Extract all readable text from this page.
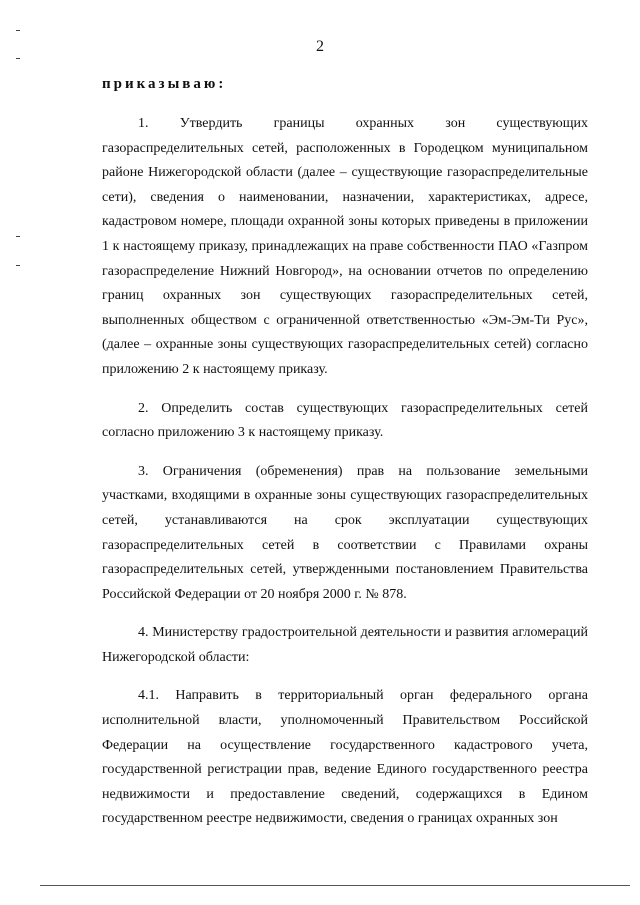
2
приказываю:

1. Утвердить границы охранных зон существующих газораспределительных сетей, расположенных в Городецком муниципальном районе Нижегородской области (далее – существующие газораспределительные сети), сведения о наименовании, назначении, характеристиках, адресе, кадастровом номере, площади охранной зоны которых приведены в приложении 1 к настоящему приказу, принадлежащих на праве собственности ПАО «Газпром газораспределение Нижний Новгород», на основании отчетов по определению границ охранных зон существующих газораспределительных сетей, выполненных обществом с ограниченной ответственностью «Эм-Эм-Ти Рус», (далее – охранные зоны существующих газораспределительных сетей) согласно приложению 2 к настоящему приказу.

2. Определить состав существующих газораспределительных сетей согласно приложению 3 к настоящему приказу.

3. Ограничения (обременения) прав на пользование земельными участками, входящими в охранные зоны существующих газораспределительных сетей, устанавливаются на срок эксплуатации существующих газораспределительных сетей в соответствии с Правилами охраны газораспределительных сетей, утвержденными постановлением Правительства Российской Федерации от 20 ноября 2000 г. № 878.

4. Министерству градостроительной деятельности и развития агломераций Нижегородской области:

4.1. Направить в территориальный орган федерального органа исполнительной власти, уполномоченный Правительством Российской Федерации на осуществление государственного кадастрового учета, государственной регистрации прав, ведение Единого государственного реестра недвижимости и предоставление сведений, содержащихся в Едином государственном реестре недвижимости, сведения о границах охранных зон
